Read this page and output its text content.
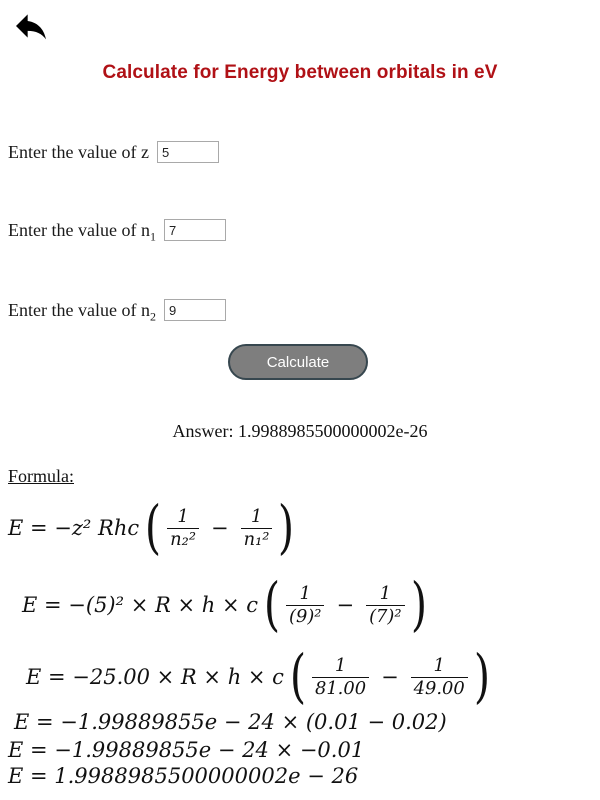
Calculate for Energy between orbitals in eV
Enter the value of z
5
Enter the value of $n_1$
7
Enter the value of $n_2$
9
Calculate
Answer: 1.9988985500000002e-26
Formula:
E = −z² Rhc ( $\frac{1}{\text{n₂²}} - \frac{1}{\text{n₁²}}$ )
E = −(5)² × R × h × c ( $\frac{1}{\text{(9)²}} - \frac{1}{\text{(7)²}}$ )
E = −25.00 × R × h × c ( $\frac{1}{81.00} - \frac{1}{49.00}$ )
E = −1.99889855e − 24 × (0.01 − 0.02)
E = −1.99889855e − 24 × −0.01
E = 1.9988985500000002e − 26
